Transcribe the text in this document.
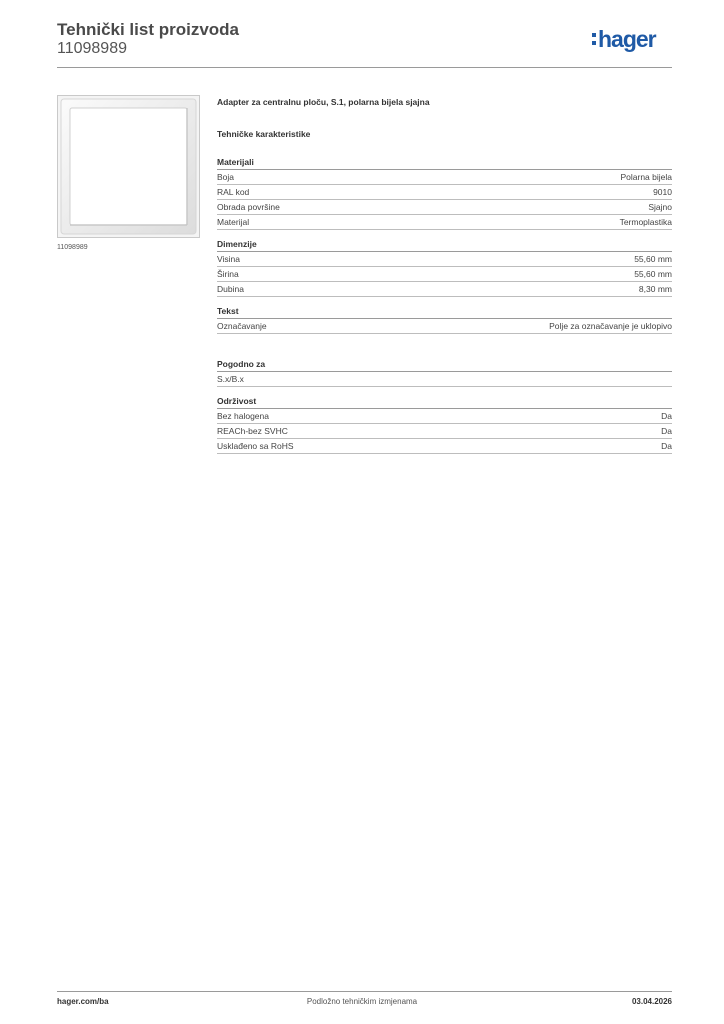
Tehnički list proizvoda
11098989	hager
11098989

Adapter za centralnu ploču, S.1, polarna bijela sjajna

Tehničke karakteristike
Materijali
Boja	Polarna bijela
RAL kod	9010
Obrada površine	Sjajno
Materijal	Termoplastika
Dimenzije
Visina	55,60 mm
Širina	55,60 mm
Dubina	8,30 mm
Tekst
Označavanje	Polje za označavanje je uklopivo
Pogodno za
S.x/B.x
Održivost
Bez halogena	Da
REACh-bez SVHC	Da
Usklađeno sa RoHS	Da
hager.com/ba	Podložno tehničkim izmjenama	03.04.2026
